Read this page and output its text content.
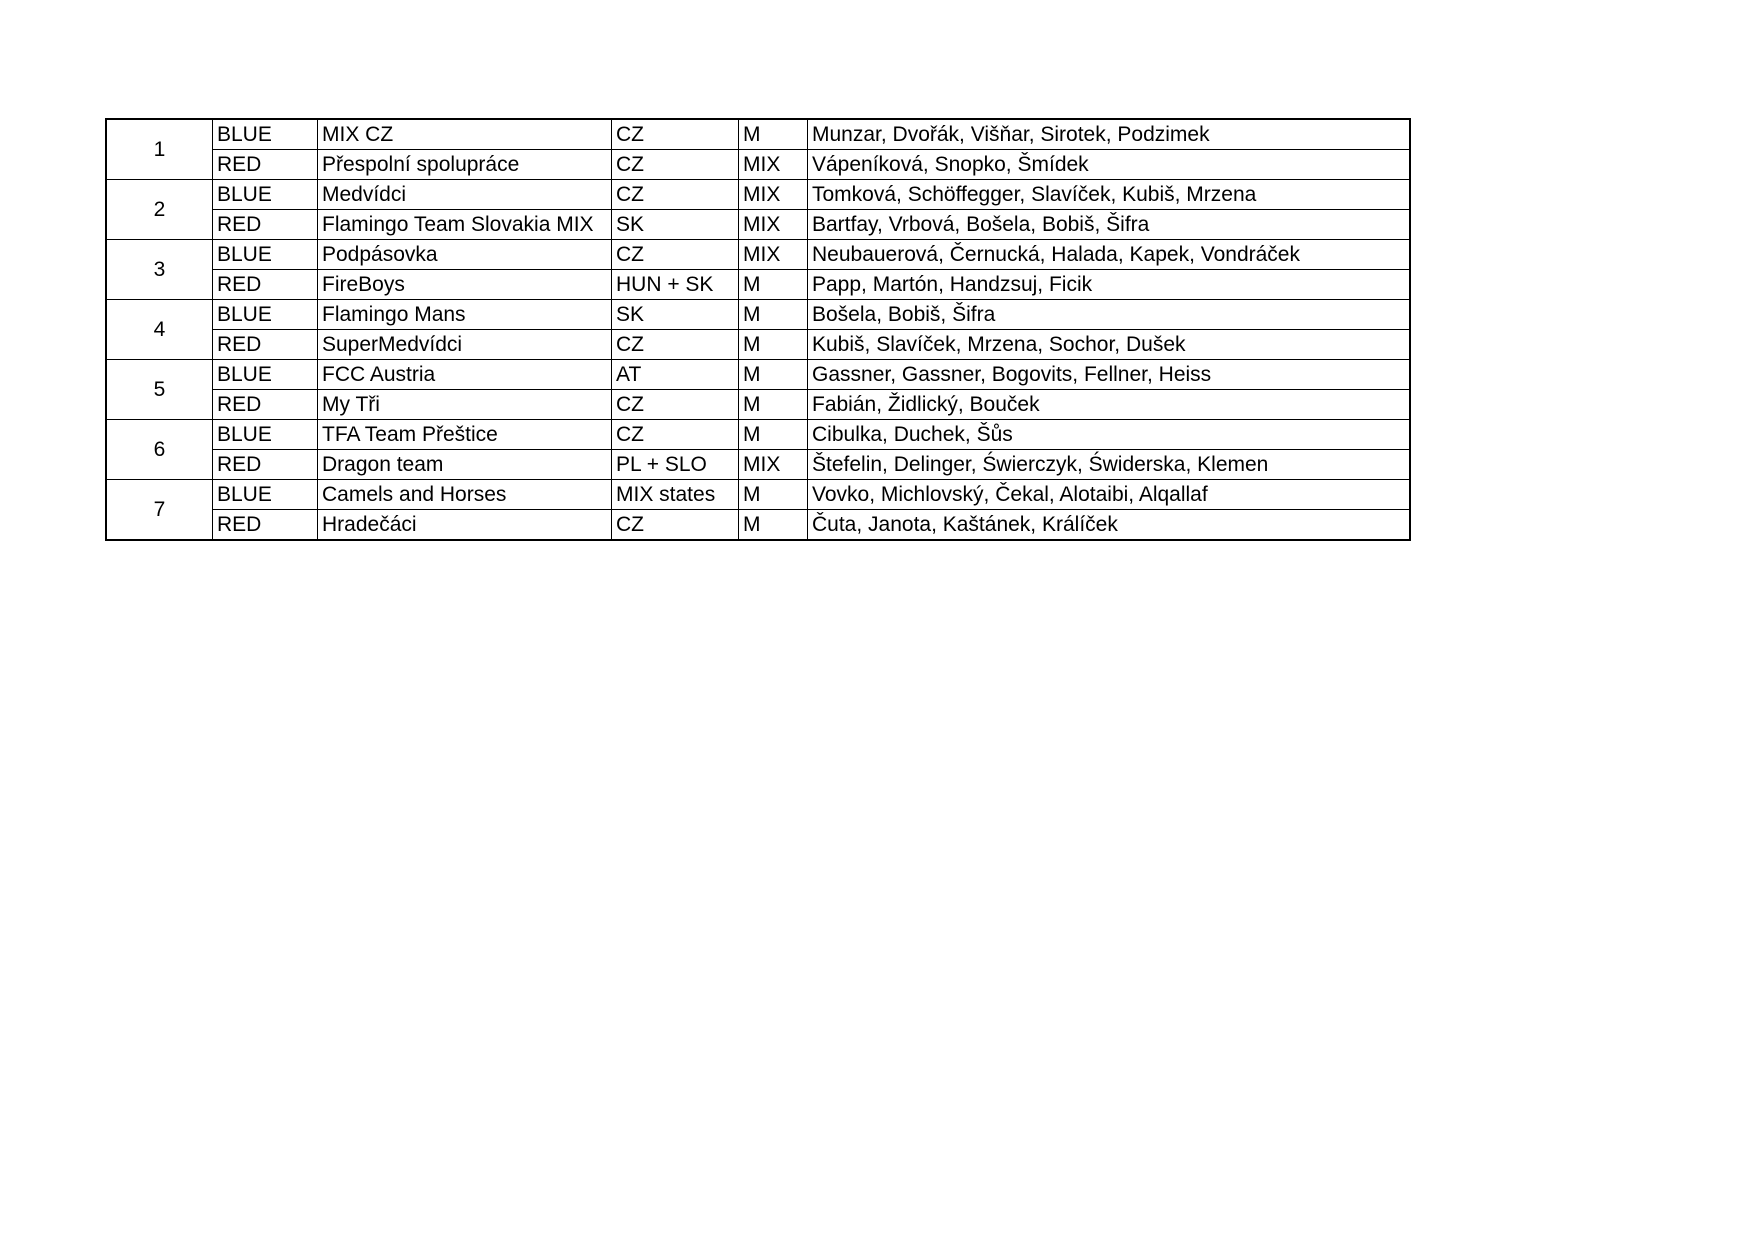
1	BLUE	MIX CZ	CZ	M	Munzar, Dvořák, Višňar, Sirotek, Podzimek
	RED	Přespolní spolupráce	CZ	MIX	Vápeníková, Snopko, Šmídek
2	BLUE	Medvídci	CZ	MIX	Tomková, Schöffegger, Slavíček, Kubiš, Mrzena
	RED	Flamingo Team Slovakia MIX	SK	MIX	Bartfay, Vrbová, Bošela, Bobiš, Šifra
3	BLUE	Podpásovka	CZ	MIX	Neubauerová, Černucká, Halada, Kapek, Vondráček
	RED	FireBoys	HUN + SK	M	Papp, Martón, Handzsuj, Ficik
4	BLUE	Flamingo Mans	SK	M	Bošela, Bobiš, Šifra
	RED	SuperMedvídci	CZ	M	Kubiš, Slavíček, Mrzena, Sochor, Dušek
5	BLUE	FCC Austria	AT	M	Gassner, Gassner, Bogovits, Fellner, Heiss
	RED	My Tři	CZ	M	Fabián, Židlický, Bouček
6	BLUE	TFA Team Přeštice	CZ	M	Cibulka, Duchek, Šůs
	RED	Dragon team	PL + SLO	MIX	Štefelin, Delinger, Świerczyk, Świderska, Klemen
7	BLUE	Camels and Horses	MIX states	M	Vovko, Michlovský, Čekal, Alotaibi, Alqallaf
	RED	Hradečáci	CZ	M	Čuta, Janota, Kaštánek, Králíček
